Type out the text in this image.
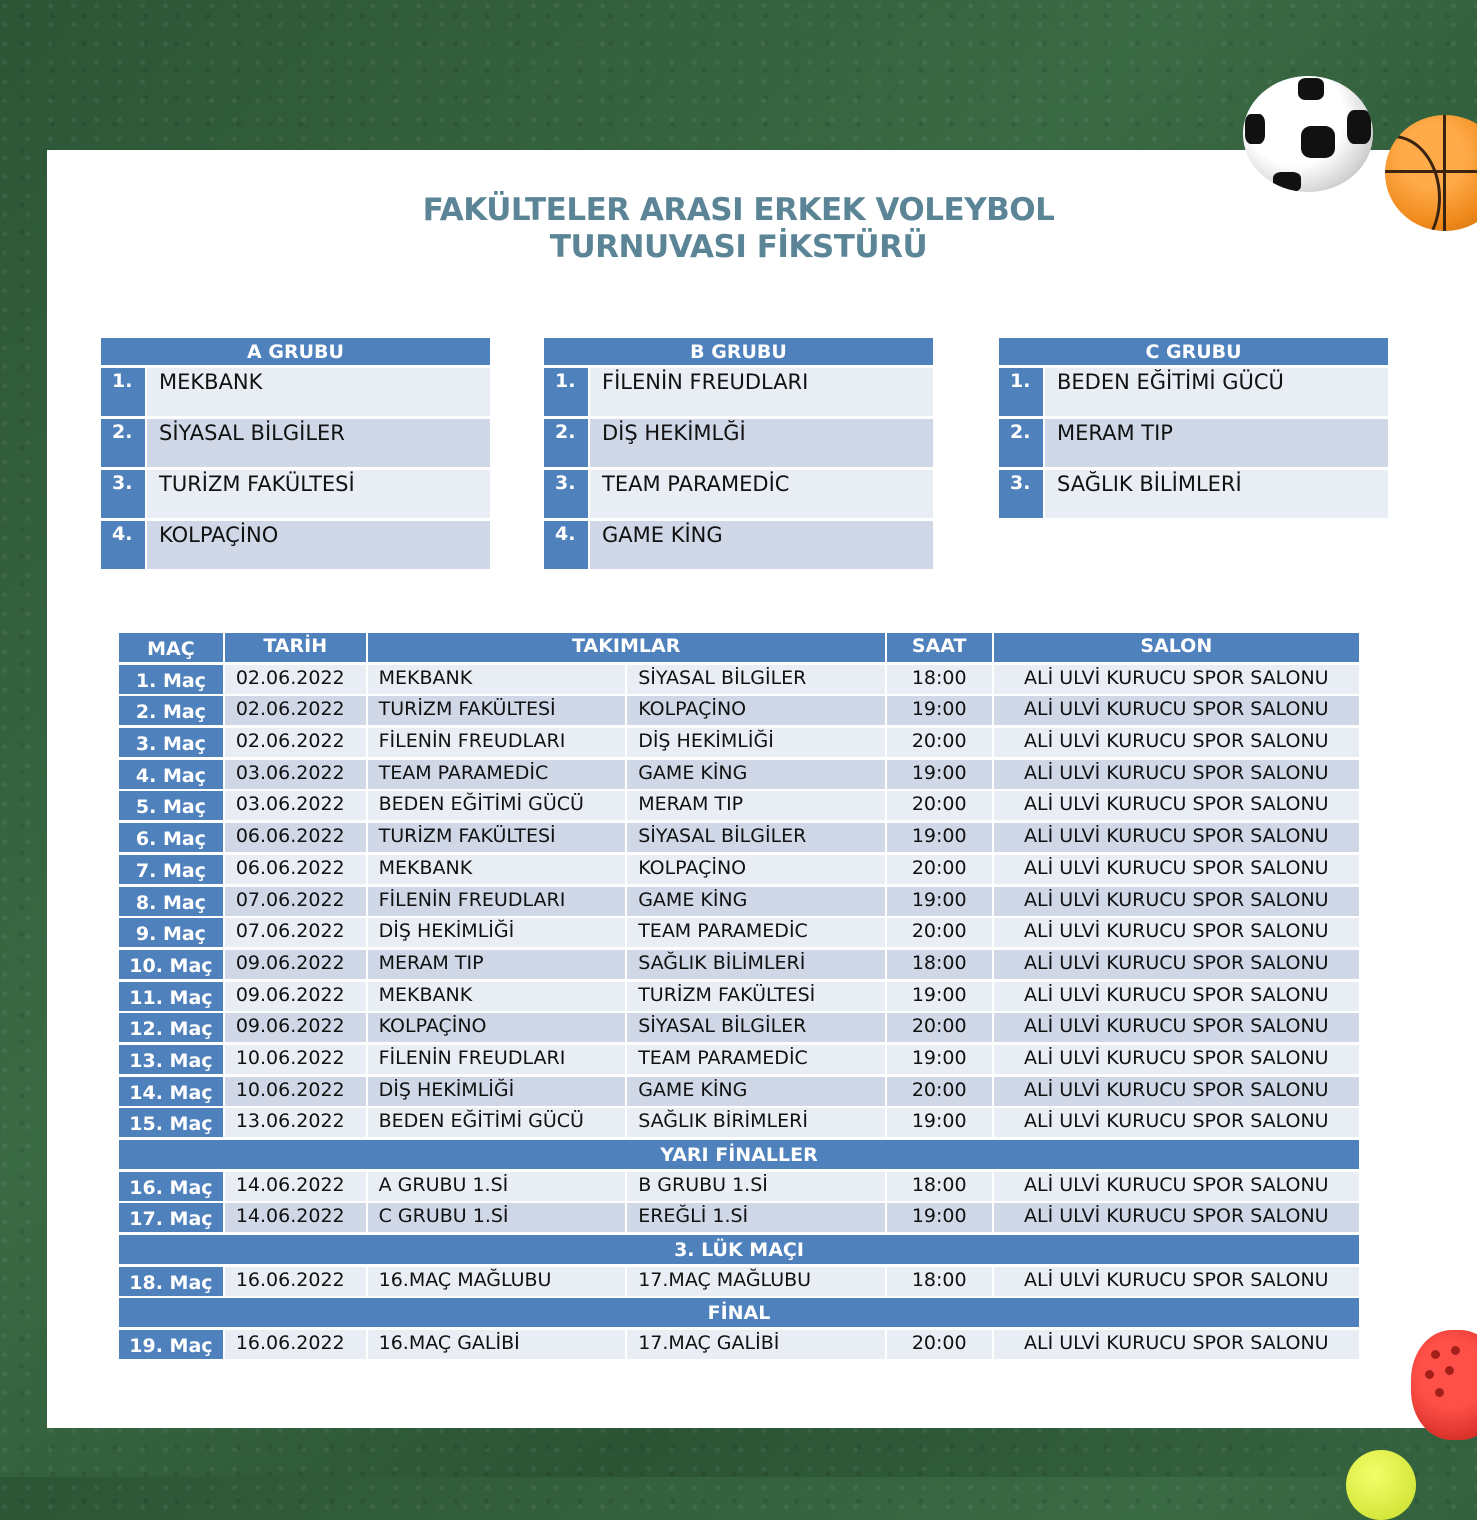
FAKÜLTELER ARASI ERKEK VOLEYBOL
TURNUVASI FİKSTÜRÜ
A GRUBU
1.	MEKBANK
2.	SİYASAL BİLGİLER
3.	TURİZM FAKÜLTESİ
4.	KOLPAÇİNO
B GRUBU
1.	FİLENİN FREUDLARI
2.	DİŞ HEKİMLĞİ
3.	TEAM PARAMEDİC
4.	GAME KİNG
C GRUBU
1.	BEDEN EĞİTİMİ GÜCÜ
2.	MERAM TIP
3.	SAĞLIK BİLİMLERİ
MAÇ	TARİH	TAKIMLAR	SAAT	SALON
1. Maç	02.06.2022	MEKBANK	SİYASAL BİLGİLER	18:00	ALİ ULVİ KURUCU SPOR SALONU
2. Maç	02.06.2022	TURİZM FAKÜLTESİ	KOLPAÇİNO	19:00	ALİ ULVİ KURUCU SPOR SALONU
3. Maç	02.06.2022	FİLENİN FREUDLARI	DİŞ HEKİMLİĞİ	20:00	ALİ ULVİ KURUCU SPOR SALONU
4. Maç	03.06.2022	TEAM PARAMEDİC	GAME KİNG	19:00	ALİ ULVİ KURUCU SPOR SALONU
5. Maç	03.06.2022	BEDEN EĞİTİMİ GÜCÜ	MERAM TIP	20:00	ALİ ULVİ KURUCU SPOR SALONU
6. Maç	06.06.2022	TURİZM FAKÜLTESİ	SİYASAL BİLGİLER	19:00	ALİ ULVİ KURUCU SPOR SALONU
7. Maç	06.06.2022	MEKBANK	KOLPAÇİNO	20:00	ALİ ULVİ KURUCU SPOR SALONU
8. Maç	07.06.2022	FİLENİN FREUDLARI	GAME KİNG	19:00	ALİ ULVİ KURUCU SPOR SALONU
9. Maç	07.06.2022	DİŞ HEKİMLİĞİ	TEAM PARAMEDİC	20:00	ALİ ULVİ KURUCU SPOR SALONU
10. Maç	09.06.2022	MERAM TIP	SAĞLIK BİLİMLERİ	18:00	ALİ ULVİ KURUCU SPOR SALONU
11. Maç	09.06.2022	MEKBANK	TURİZM FAKÜLTESİ	19:00	ALİ ULVİ KURUCU SPOR SALONU
12. Maç	09.06.2022	KOLPAÇİNO	SİYASAL BİLGİLER	20:00	ALİ ULVİ KURUCU SPOR SALONU
13. Maç	10.06.2022	FİLENİN FREUDLARI	TEAM PARAMEDİC	19:00	ALİ ULVİ KURUCU SPOR SALONU
14. Maç	10.06.2022	DİŞ HEKİMLİĞİ	GAME KİNG	20:00	ALİ ULVİ KURUCU SPOR SALONU
15. Maç	13.06.2022	BEDEN EĞİTİMİ GÜCÜ	SAĞLIK BİRİMLERİ	19:00	ALİ ULVİ KURUCU SPOR SALONU
YARI FİNALLER
16. Maç	14.06.2022	A GRUBU 1.Sİ	B GRUBU 1.Sİ	18:00	ALİ ULVİ KURUCU SPOR SALONU
17. Maç	14.06.2022	C GRUBU 1.Sİ	EREĞLİ 1.Sİ	19:00	ALİ ULVİ KURUCU SPOR SALONU
3. LÜK MAÇI
18. Maç	16.06.2022	16.MAÇ MAĞLUBU	17.MAÇ MAĞLUBU	18:00	ALİ ULVİ KURUCU SPOR SALONU
FİNAL
19. Maç	16.06.2022	16.MAÇ GALİBİ	17.MAÇ GALİBİ	20:00	ALİ ULVİ KURUCU SPOR SALONU
